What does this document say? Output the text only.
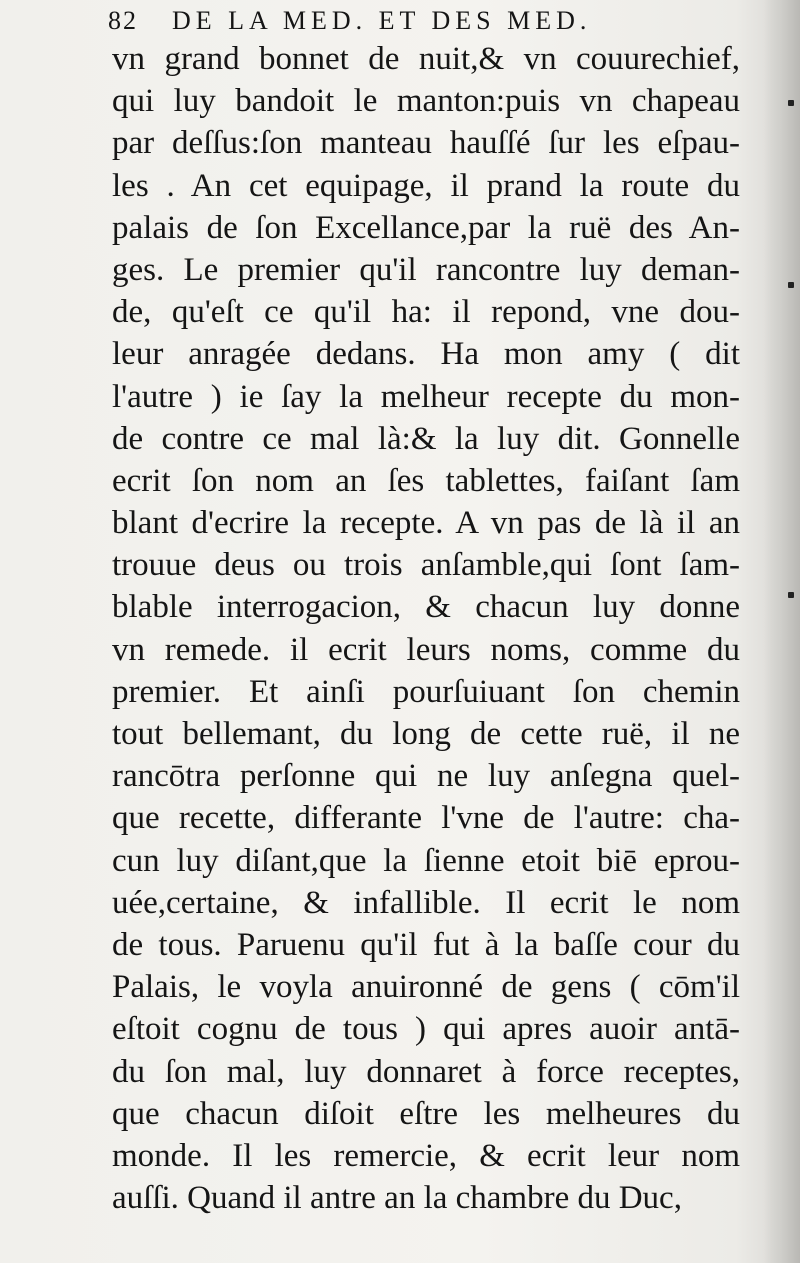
82 DE LA MED. ET DES MED.
vn grand bonnet de nuit,& vn couurechief,
qui luy bandoit le manton:puis vn chapeau
par deſſus:ſon manteau hauſſé ſur les eſpau-
les . An cet equipage, il prand la route du
palais de ſon Excellance,par la ruë des An-
ges. Le premier qu'il rancontre luy deman-
de, qu'eſt ce qu'il ha: il repond, vne dou-
leur anragée dedans. Ha mon amy ( dit
l'autre ) ie ſay la melheur recepte du mon-
de contre ce mal là:& la luy dit. Gonnelle
ecrit ſon nom an ſes tablettes, faiſant ſam
blant d'ecrire la recepte. A vn pas de là il an
trouue deus ou trois anſamble,qui ſont ſam-
blable interrogacion, & chacun luy donne
vn remede. il ecrit leurs noms, comme du
premier. Et ainſi pourſuiuant ſon chemin
tout bellemant, du long de cette ruë, il ne
rancōtra perſonne qui ne luy anſegna quel-
que recette, differante l'vne de l'autre: cha-
cun luy diſant,que la ſienne etoit biē eprou-
uée,certaine, & infallible. Il ecrit le nom
de tous. Paruenu qu'il fut à la baſſe cour du
Palais, le voyla anuironné de gens ( cōm'il
eſtoit cognu de tous ) qui apres auoir antā-
du ſon mal, luy donnaret à force receptes,
que chacun diſoit eſtre les melheures du
monde. Il les remercie, & ecrit leur nom
auſſi. Quand il antre an la chambre du Duc,
